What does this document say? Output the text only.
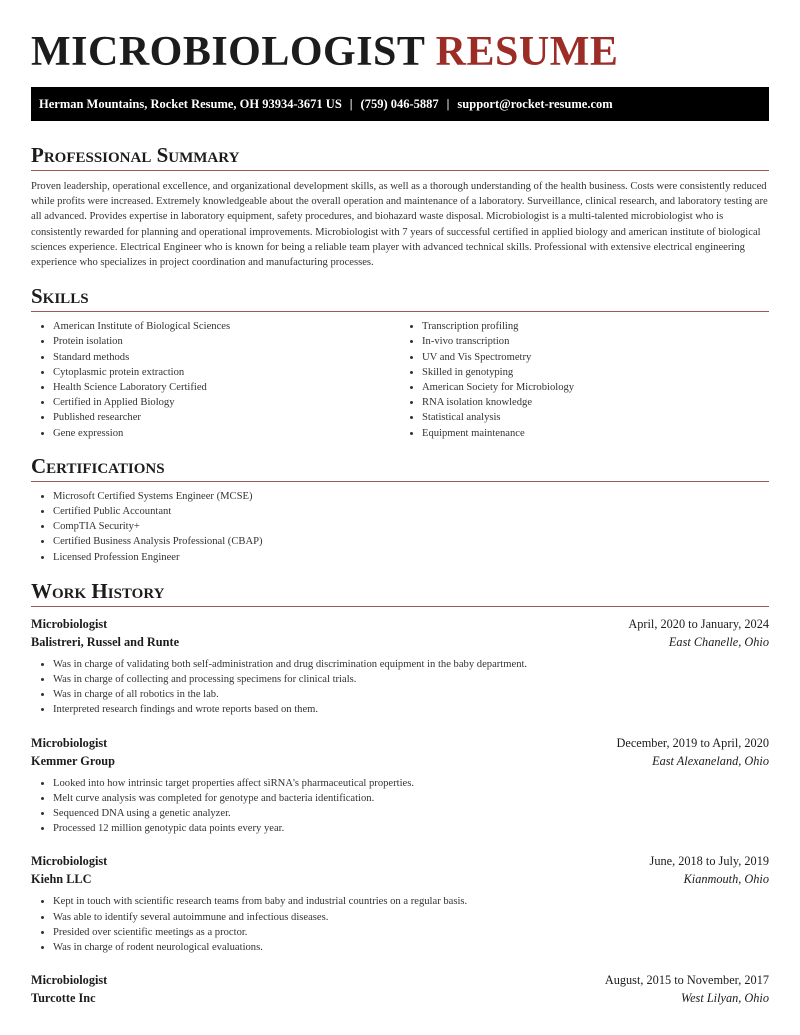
MICROBIOLOGIST RESUME
Herman Mountains, Rocket Resume, OH 93934-3671 US | (759) 046-5887 | support@rocket-resume.com
Professional Summary

Proven leadership, operational excellence, and organizational development skills, as well as a thorough understanding of the health business. Costs were consistently reduced while profits were increased. Extremely knowledgeable about the overall operation and maintenance of a laboratory. Surveillance, clinical research, and laboratory testing are all advanced. Provides expertise in laboratory equipment, safety procedures, and biohazard waste disposal. Microbiologist is a multi-talented microbiologist who is consistently rewarded for planning and operational improvements. Microbiologist with 7 years of successful certified in applied biology and american institute of biological sciences experience. Electrical Engineer who is known for being a reliable team player with advanced technical skills. Professional with extensive electrical engineering experience who specializes in project coordination and manufacturing processes.

Skills
• American Institute of Biological Sciences
• Protein isolation
• Standard methods
• Cytoplasmic protein extraction
• Health Science Laboratory Certified
• Certified in Applied Biology
• Published researcher
• Gene expression
• Transcription profiling
• In-vivo transcription
• UV and Vis Spectrometry
• Skilled in genotyping
• American Society for Microbiology
• RNA isolation knowledge
• Statistical analysis
• Equipment maintenance
Certifications
• Microsoft Certified Systems Engineer (MCSE)
• Certified Public Accountant
• CompTIA Security+
• Certified Business Analysis Professional (CBAP)
• Licensed Profession Engineer
Work History
Microbiologist	April, 2020 to January, 2024
Balistreri, Russel and Runte	East Chanelle, Ohio
• Was in charge of validating both self-administration and drug discrimination equipment in the baby department.
• Was in charge of collecting and processing specimens for clinical trials.
• Was in charge of all robotics in the lab.
• Interpreted research findings and wrote reports based on them.
Microbiologist	December, 2019 to April, 2020
Kemmer Group	East Alexaneland, Ohio
• Looked into how intrinsic target properties affect siRNA's pharmaceutical properties.
• Melt curve analysis was completed for genotype and bacteria identification.
• Sequenced DNA using a genetic analyzer.
• Processed 12 million genotypic data points every year.
Microbiologist	June, 2018 to July, 2019
Kiehn LLC	Kianmouth, Ohio
• Kept in touch with scientific research teams from baby and industrial countries on a regular basis.
• Was able to identify several autoimmune and infectious diseases.
• Presided over scientific meetings as a proctor.
• Was in charge of rodent neurological evaluations.
Microbiologist	August, 2015 to November, 2017
Turcotte Inc	West Lilyan, Ohio
